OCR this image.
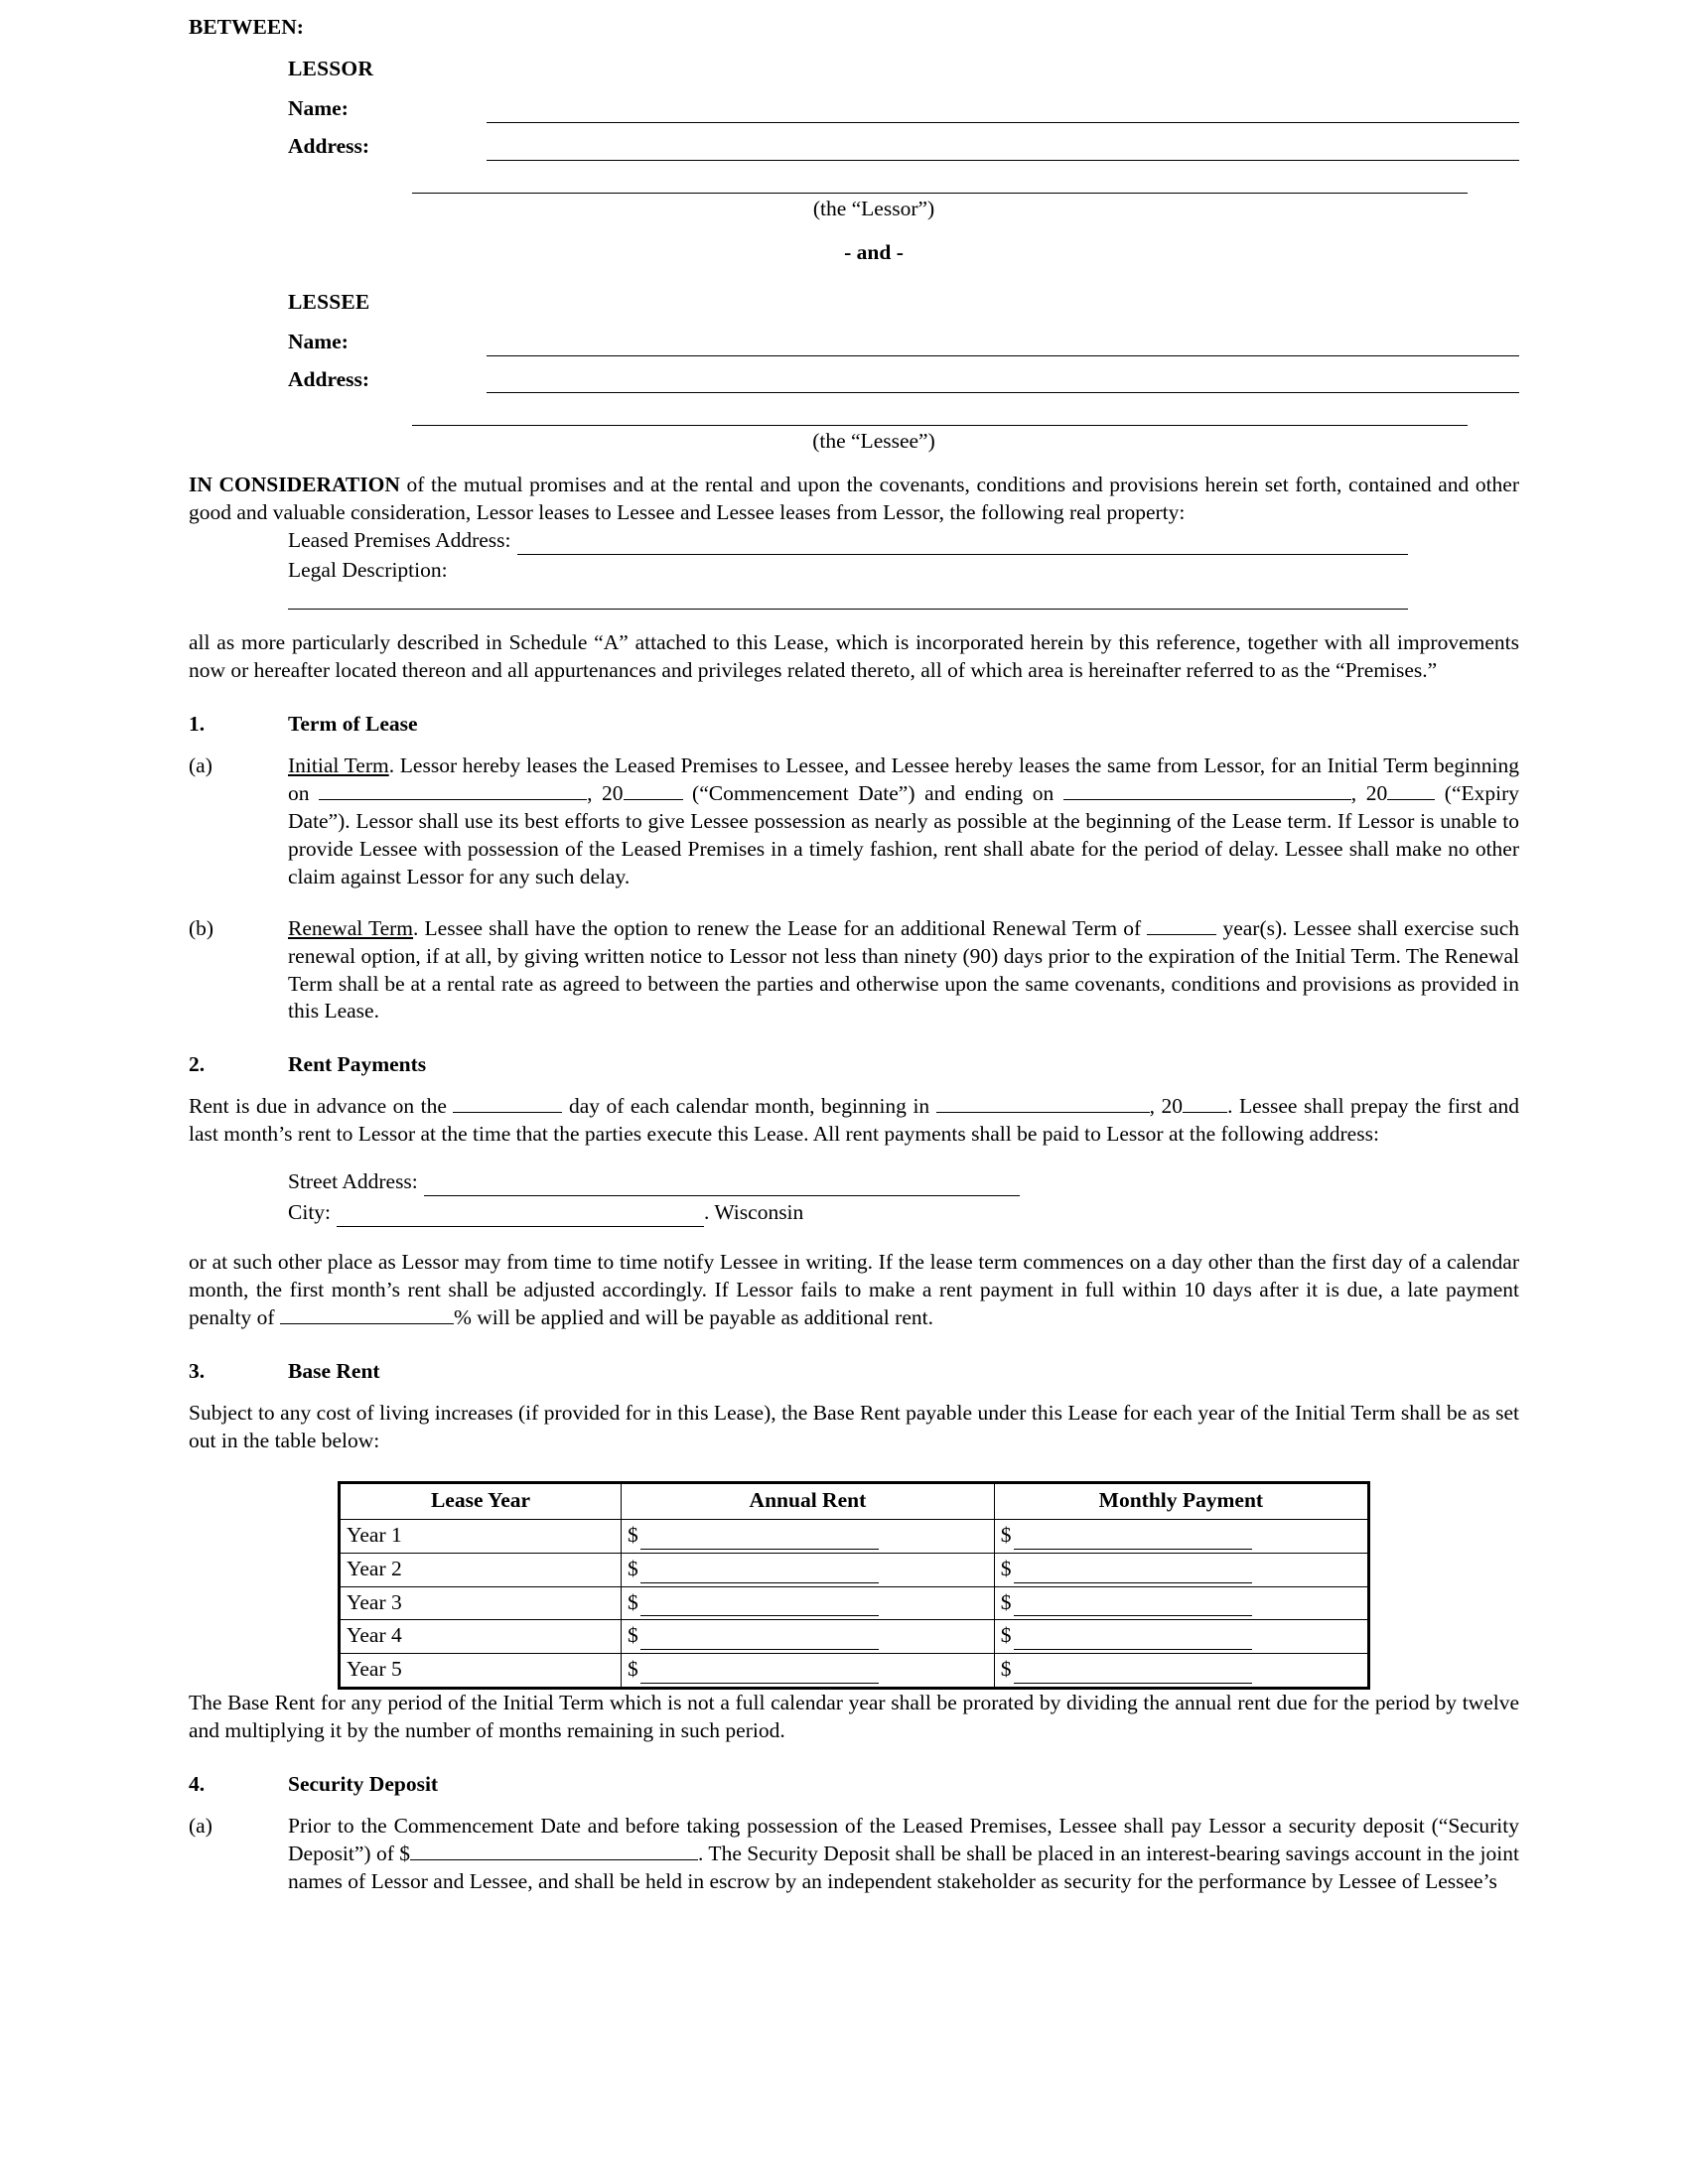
BETWEEN:
LESSOR
Name:
Address:
(the “Lessor”)
- and -
LESSEE
Name:
Address:
(the “Lessee”)

IN CONSIDERATION of the mutual promises and at the rental and upon the covenants, conditions and provisions herein set forth, contained and other good and valuable consideration, Lessor leases to Lessee and Lessee leases from Lessor, the following real property:

Leased Premises Address:
Legal Description:

all as more particularly described in Schedule “A” attached to this Lease, which is incorporated herein by this reference, together with all improvements now or hereafter located thereon and all appurtenances and privileges related thereto, all of which area is hereinafter referred to as the “Premises.”

1.	Term of Lease
(a)	Initial Term. Lessor hereby leases the Leased Premises to Lessee, and Lessee hereby leases the same from Lessor, for an Initial Term beginning on	, 20	(“Commencement Date”) and ending on	, 20 (“Expiry Date”). Lessor shall use its best efforts to give Lessee possession as nearly as possible at the beginning of the Lease term. If Lessor is unable to provide Lessee with possession of the Leased Premises in a timely fashion, rent shall abate for the period of delay. Lessee shall make no other claim against Lessor for any such delay.
(b)	Renewal Term. Lessee shall have the option to renew the Lease for an additional Renewal Term of	year(s). Lessee shall exercise such renewal option, if at all, by giving written notice to Lessor not less than ninety (90) days prior to the expiration of the Initial Term. The Renewal Term shall be at a rental rate as agreed to between the parties and otherwise upon the same covenants, conditions and provisions as provided in this Lease.
2.	Rent Payments

Rent is due in advance on the	day of each calendar month, beginning in	, 20 . Lessee shall prepay the first and last month’s rent to Lessor at the time that the parties execute this Lease. All rent payments shall be paid to Lessor at the following address:

Street Address:
City:	. Wisconsin

or at such other place as Lessor may from time to time notify Lessee in writing. If the lease term commences on a day other than the first day of a calendar month, the first month’s rent shall be adjusted accordingly. If Lessor fails to make a rent payment in full within 10 days after it is due, a late payment penalty of	% will be applied and will be payable as additional rent.

3.	Base Rent

Subject to any cost of living increases (if provided for in this Lease), the Base Rent payable under this Lease for each year of the Initial Term shall be as set out in the table below:

Lease Year	Annual Rent	Monthly Payment
Year 1	$	$

Year 2	$	$

Year 3	$	$

Year 4	$	$

Year 5	$	$

The Base Rent for any period of the Initial Term which is not a full calendar year shall be prorated by dividing the annual rent due for the period by twelve and multiplying it by the number of months remaining in such period.

4.	Security Deposit
(a)	Prior to the Commencement Date and before taking possession of the Leased Premises, Lessee shall pay Lessor a security deposit (“Security Deposit”) of $	. The Security Deposit shall be shall be placed in an interest-bearing savings account in the joint names of Lessor and Lessee, and shall be held in escrow by an independent stakeholder as security for the performance by Lessee of Lessee’s
